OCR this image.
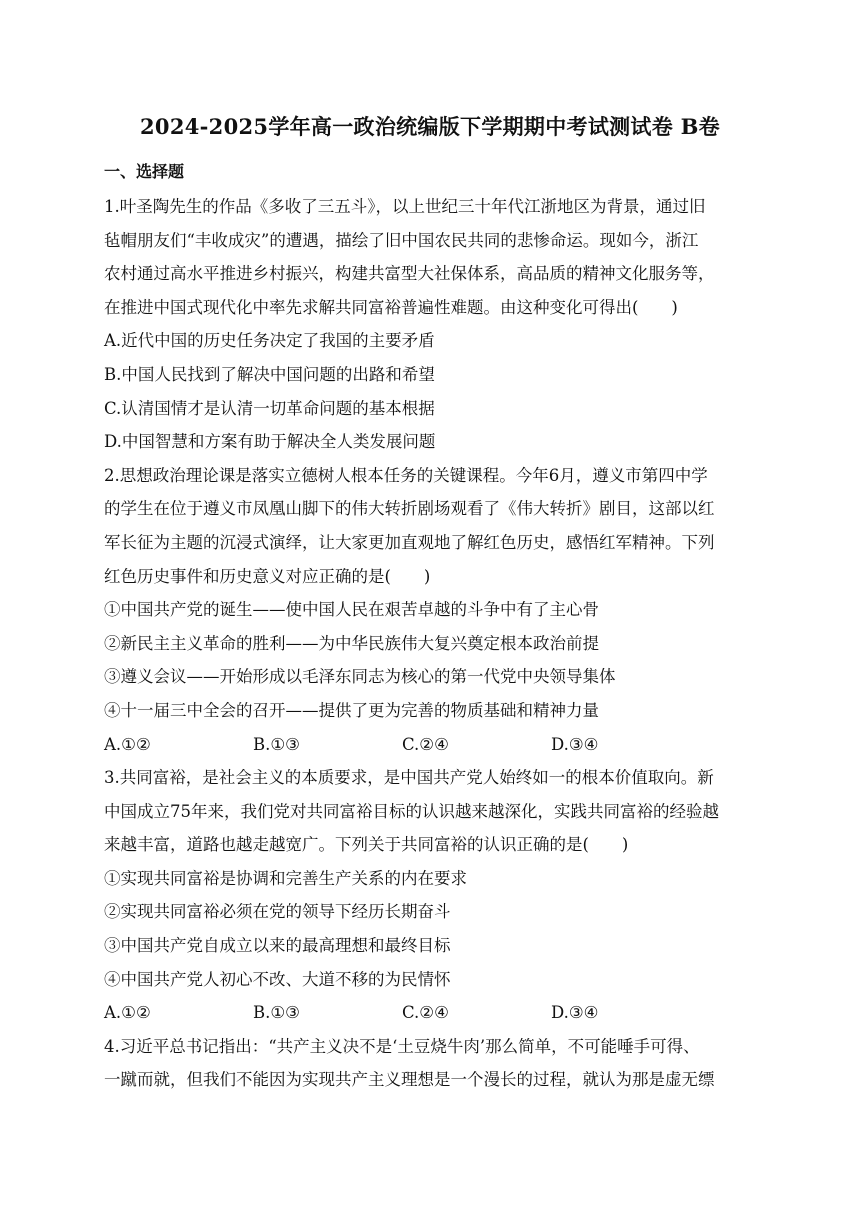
2024-2025学年高一政治统编版下学期期中考试测试卷 B卷
一、选择题
1.叶圣陶先生的作品《多收了三五斗》，以上世纪三十年代江浙地区为背景，通过旧
毡帽朋友们“丰收成灾”的遭遇，描绘了旧中国农民共同的悲惨命运。现如今，浙江
农村通过高水平推进乡村振兴，构建共富型大社保体系，高品质的精神文化服务等，
在推进中国式现代化中率先求解共同富裕普遍性难题。由这种变化可得出(　　)
A.近代中国的历史任务决定了我国的主要矛盾
B.中国人民找到了解决中国问题的出路和希望
C.认清国情才是认清一切革命问题的基本根据
D.中国智慧和方案有助于解决全人类发展问题
2.思想政治理论课是落实立德树人根本任务的关键课程。今年6月，遵义市第四中学
的学生在位于遵义市凤凰山脚下的伟大转折剧场观看了《伟大转折》剧目，这部以红
军长征为主题的沉浸式演绎，让大家更加直观地了解红色历史，感悟红军精神。下列
红色历史事件和历史意义对应正确的是(　　)
①中国共产党的诞生——使中国人民在艰苦卓越的斗争中有了主心骨
②新民主主义革命的胜利——为中华民族伟大复兴奠定根本政治前提
③遵义会议——开始形成以毛泽东同志为核心的第一代党中央领导集体
④十一届三中全会的召开——提供了更为完善的物质基础和精神力量
A.①②	B.①③	C.②④	D.③④
3.共同富裕，是社会主义的本质要求，是中国共产党人始终如一的根本价值取向。新
中国成立75年来，我们党对共同富裕目标的认识越来越深化，实践共同富裕的经验越
来越丰富，道路也越走越宽广。下列关于共同富裕的认识正确的是(　　)
①实现共同富裕是协调和完善生产关系的内在要求
②实现共同富裕必须在党的领导下经历长期奋斗
③中国共产党自成立以来的最高理想和最终目标
④中国共产党人初心不改、大道不移的为民情怀
A.①②	B.①③	C.②④	D.③④
4.习近平总书记指出：“共产主义决不是‘土豆烧牛肉’那么简单，不可能唾手可得、
一蹴而就，但我们不能因为实现共产主义理想是一个漫长的过程，就认为那是虚无缥
